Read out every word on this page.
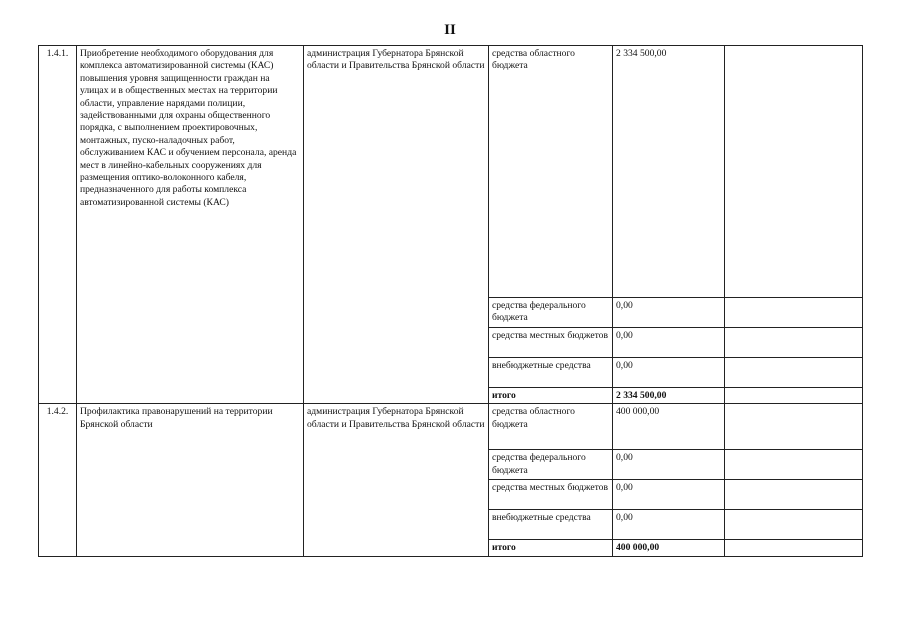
II
1.4.1.	Приобретение необходимого оборудования для комплекса автоматизированной системы (КАС) повышения уровня защищенности граждан на улицах и в общественных местах на территории области, управление нарядами полиции, задействованными для охраны общественного порядка, с выполнением проектировочных, монтажных, пуско-наладочных работ, обслуживанием КАС и обучением персонала, аренда мест в линейно-кабельных сооружениях для размещения оптико-волоконного кабеля, предназначенного для работы комплекса автоматизированной системы (КАС)	администрация Губернатора Брянской области и Правительства Брянской области	средства областного бюджета	2 334 500,00	
			средства федерального бюджета	0,00	
			средства местных бюджетов	0,00	
			внебюджетные средства	0,00	
			итого	2 334 500,00	
1.4.2.	Профилактика правонарушений на территории Брянской области	администрация Губернатора Брянской области и Правительства Брянской области	средства областного бюджета	400 000,00	
			средства федерального бюджета	0,00	
			средства местных бюджетов	0,00	
			внебюджетные средства	0,00	
			итого	400 000,00	
